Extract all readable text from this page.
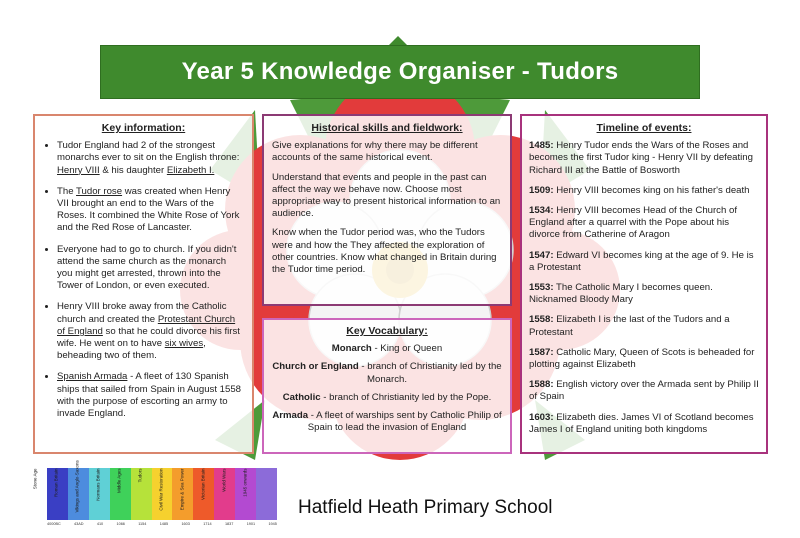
Year 5 Knowledge Organiser - Tudors
Key information:
• Tudor England had 2 of the strongest monarchs ever to sit on the English throne: Henry VIII & his daughter Elizabeth I.
• The Tudor rose was created when Henry VII brought an end to the Wars of the Roses. It combined the White Rose of York and the Red Rose of Lancaster.
• Everyone had to go to church. If you didn't attend the same church as the monarch you might get arrested, thrown into the Tower of London, or even executed.
• Henry VIII broke away from the Catholic church and created the Protestant Church of England so that he could divorce his first wife. He went on to have six wives, beheading two of them.
• Spanish Armada - A fleet of 130 Spanish ships that sailed from Spain in August 1558 with the purpose of escorting an army to invade England.
Historical skills and fieldwork:

Give explanations for why there may be different accounts of the same historical event.

Understand that events and people in the past can affect the way we behave now. Choose most appropriate way to present historical information to an audience.

Know when the Tudor period was, who the Tudors were and how the They affected the exploration of other countries. Know what changed in Britain during the Tudor time period.

Key Vocabulary:

Monarch - King or Queen

Church or England - branch of Christianity led by the Monarch.

Catholic - branch of Christianity led by the Pope.

Armada - A fleet of warships sent by Catholic Philip of Spain to lead the invasion of England

Timeline of events:

1485: Henry Tudor ends the Wars of the Roses and becomes the first Tudor king - Henry VII by defeating Richard III at the Battle of Bosworth

1509: Henry VIII becomes king on his father's death

1534: Henry VIII becomes Head of the Church of England after a quarrel with the Pope about his divorce from Catherine of Aragon

1547: Edward VI becomes king at the age of 9. He is a Protestant

1553: The Catholic Mary I becomes queen. Nicknamed Bloody Mary

1558: Elizabeth I is the last of the Tudors and a Protestant

1587: Catholic Mary, Queen of Scots is beheaded for plotting against Elizabeth

1588: English victory over the Armada sent by Philip II of Spain

1603: Elizabeth dies. James VI of Scotland becomes James I of England uniting both kingdoms

Stone Age	Roman Britain	Vikings and Anglo-Saxons	Normans Britain	Middle Ages	Tudors	Civil War Restoration	Empire & Sea Power	Victorian Britain	World Wars	1945 onwards
4000BC	43AD	410	1066	1154	1485	1603	1714	1837	1901	1945
Hatfield Heath Primary School
